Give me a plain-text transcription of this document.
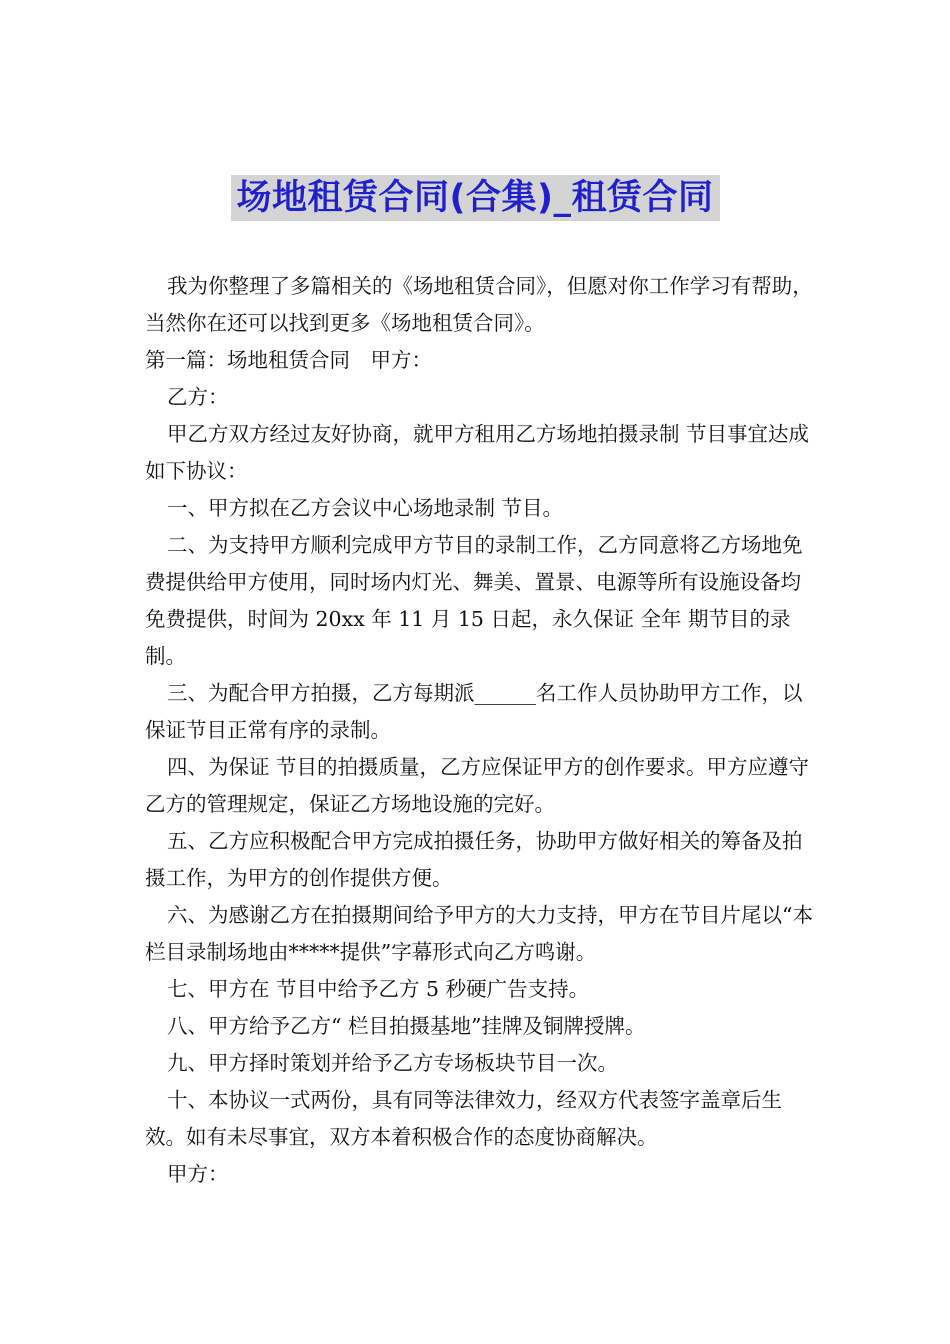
场地租赁合同(合集)_租赁合同

我为你整理了多篇相关的《场地租赁合同》，但愿对你工作学习有帮助，当然你在还可以找到更多《场地租赁合同》。

第一篇：场地租赁合同　甲方：

乙方：

甲乙方双方经过友好协商，就甲方租用乙方场地拍摄录制 节目事宜达成如下协议：

一、甲方拟在乙方会议中心场地录制 节目。

二、为支持甲方顺利完成甲方节目的录制工作，乙方同意将乙方场地免费提供给甲方使用，同时场内灯光、舞美、置景、电源等所有设施设备均免费提供，时间为 20xx 年 11 月 15 日起，永久保证 全年 期节目的录制。

三、为配合甲方拍摄，乙方每期派______名工作人员协助甲方工作，以保证节目正常有序的录制。

四、为保证 节目的拍摄质量，乙方应保证甲方的创作要求。甲方应遵守乙方的管理规定，保证乙方场地设施的完好。

五、乙方应积极配合甲方完成拍摄任务，协助甲方做好相关的筹备及拍摄工作，为甲方的创作提供方便。

六、为感谢乙方在拍摄期间给予甲方的大力支持，甲方在节目片尾以“本栏目录制场地由*****提供”字幕形式向乙方鸣谢。

七、甲方在 节目中给予乙方 5 秒硬广告支持。

八、甲方给予乙方“ 栏目拍摄基地”挂牌及铜牌授牌。

九、甲方择时策划并给予乙方专场板块节目一次。

十、本协议一式两份，具有同等法律效力，经双方代表签字盖章后生效。如有未尽事宜，双方本着积极合作的态度协商解决。

甲方：
